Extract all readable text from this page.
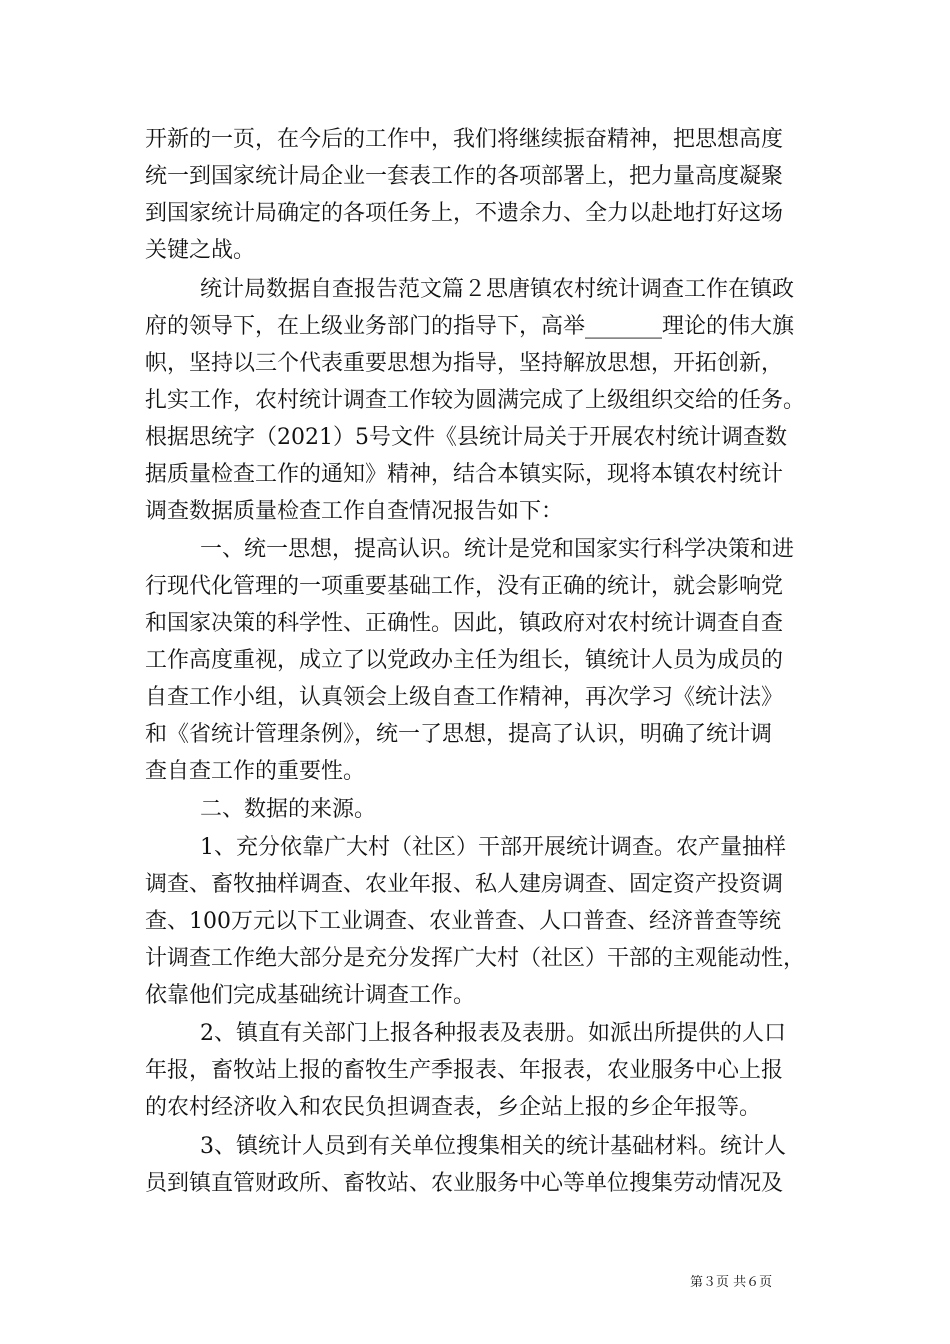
开新的一页，在今后的工作中，我们将继续振奋精神，把思想高度
统一到国家统计局企业一套表工作的各项部署上，把力量高度凝聚
到国家统计局确定的各项任务上，不遗余力、全力以赴地打好这场
关键之战。
统计局数据自查报告范文篇２思唐镇农村统计调查工作在镇政
府的领导下，在上级业务部门的指导下，高举_______理论的伟大旗
帜，坚持以三个代表重要思想为指导，坚持解放思想，开拓创新，
扎实工作，农村统计调查工作较为圆满完成了上级组织交给的任务。
根据思统字（2021）5号文件《县统计局关于开展农村统计调查数
据质量检查工作的通知》精神，结合本镇实际，现将本镇农村统计
调查数据质量检查工作自查情况报告如下：
一、统一思想，提高认识。统计是党和国家实行科学决策和进
行现代化管理的一项重要基础工作，没有正确的统计，就会影响党
和国家决策的科学性、正确性。因此，镇政府对农村统计调查自查
工作高度重视，成立了以党政办主任为组长，镇统计人员为成员的
自查工作小组，认真领会上级自查工作精神，再次学习《统计法》
和《省统计管理条例》，统一了思想，提高了认识，明确了统计调
查自查工作的重要性。
二、数据的来源。
1、充分依靠广大村（社区）干部开展统计调查。农产量抽样
调查、畜牧抽样调查、农业年报、私人建房调查、固定资产投资调
查、100万元以下工业调查、农业普查、人口普查、经济普查等统
计调查工作绝大部分是充分发挥广大村（社区）干部的主观能动性，
依靠他们完成基础统计调查工作。
2、镇直有关部门上报各种报表及表册。如派出所提供的人口
年报，畜牧站上报的畜牧生产季报表、年报表，农业服务中心上报
的农村经济收入和农民负担调查表，乡企站上报的乡企年报等。
3、镇统计人员到有关单位搜集相关的统计基础材料。统计人
员到镇直管财政所、畜牧站、农业服务中心等单位搜集劳动情况及
第３页 共６页
